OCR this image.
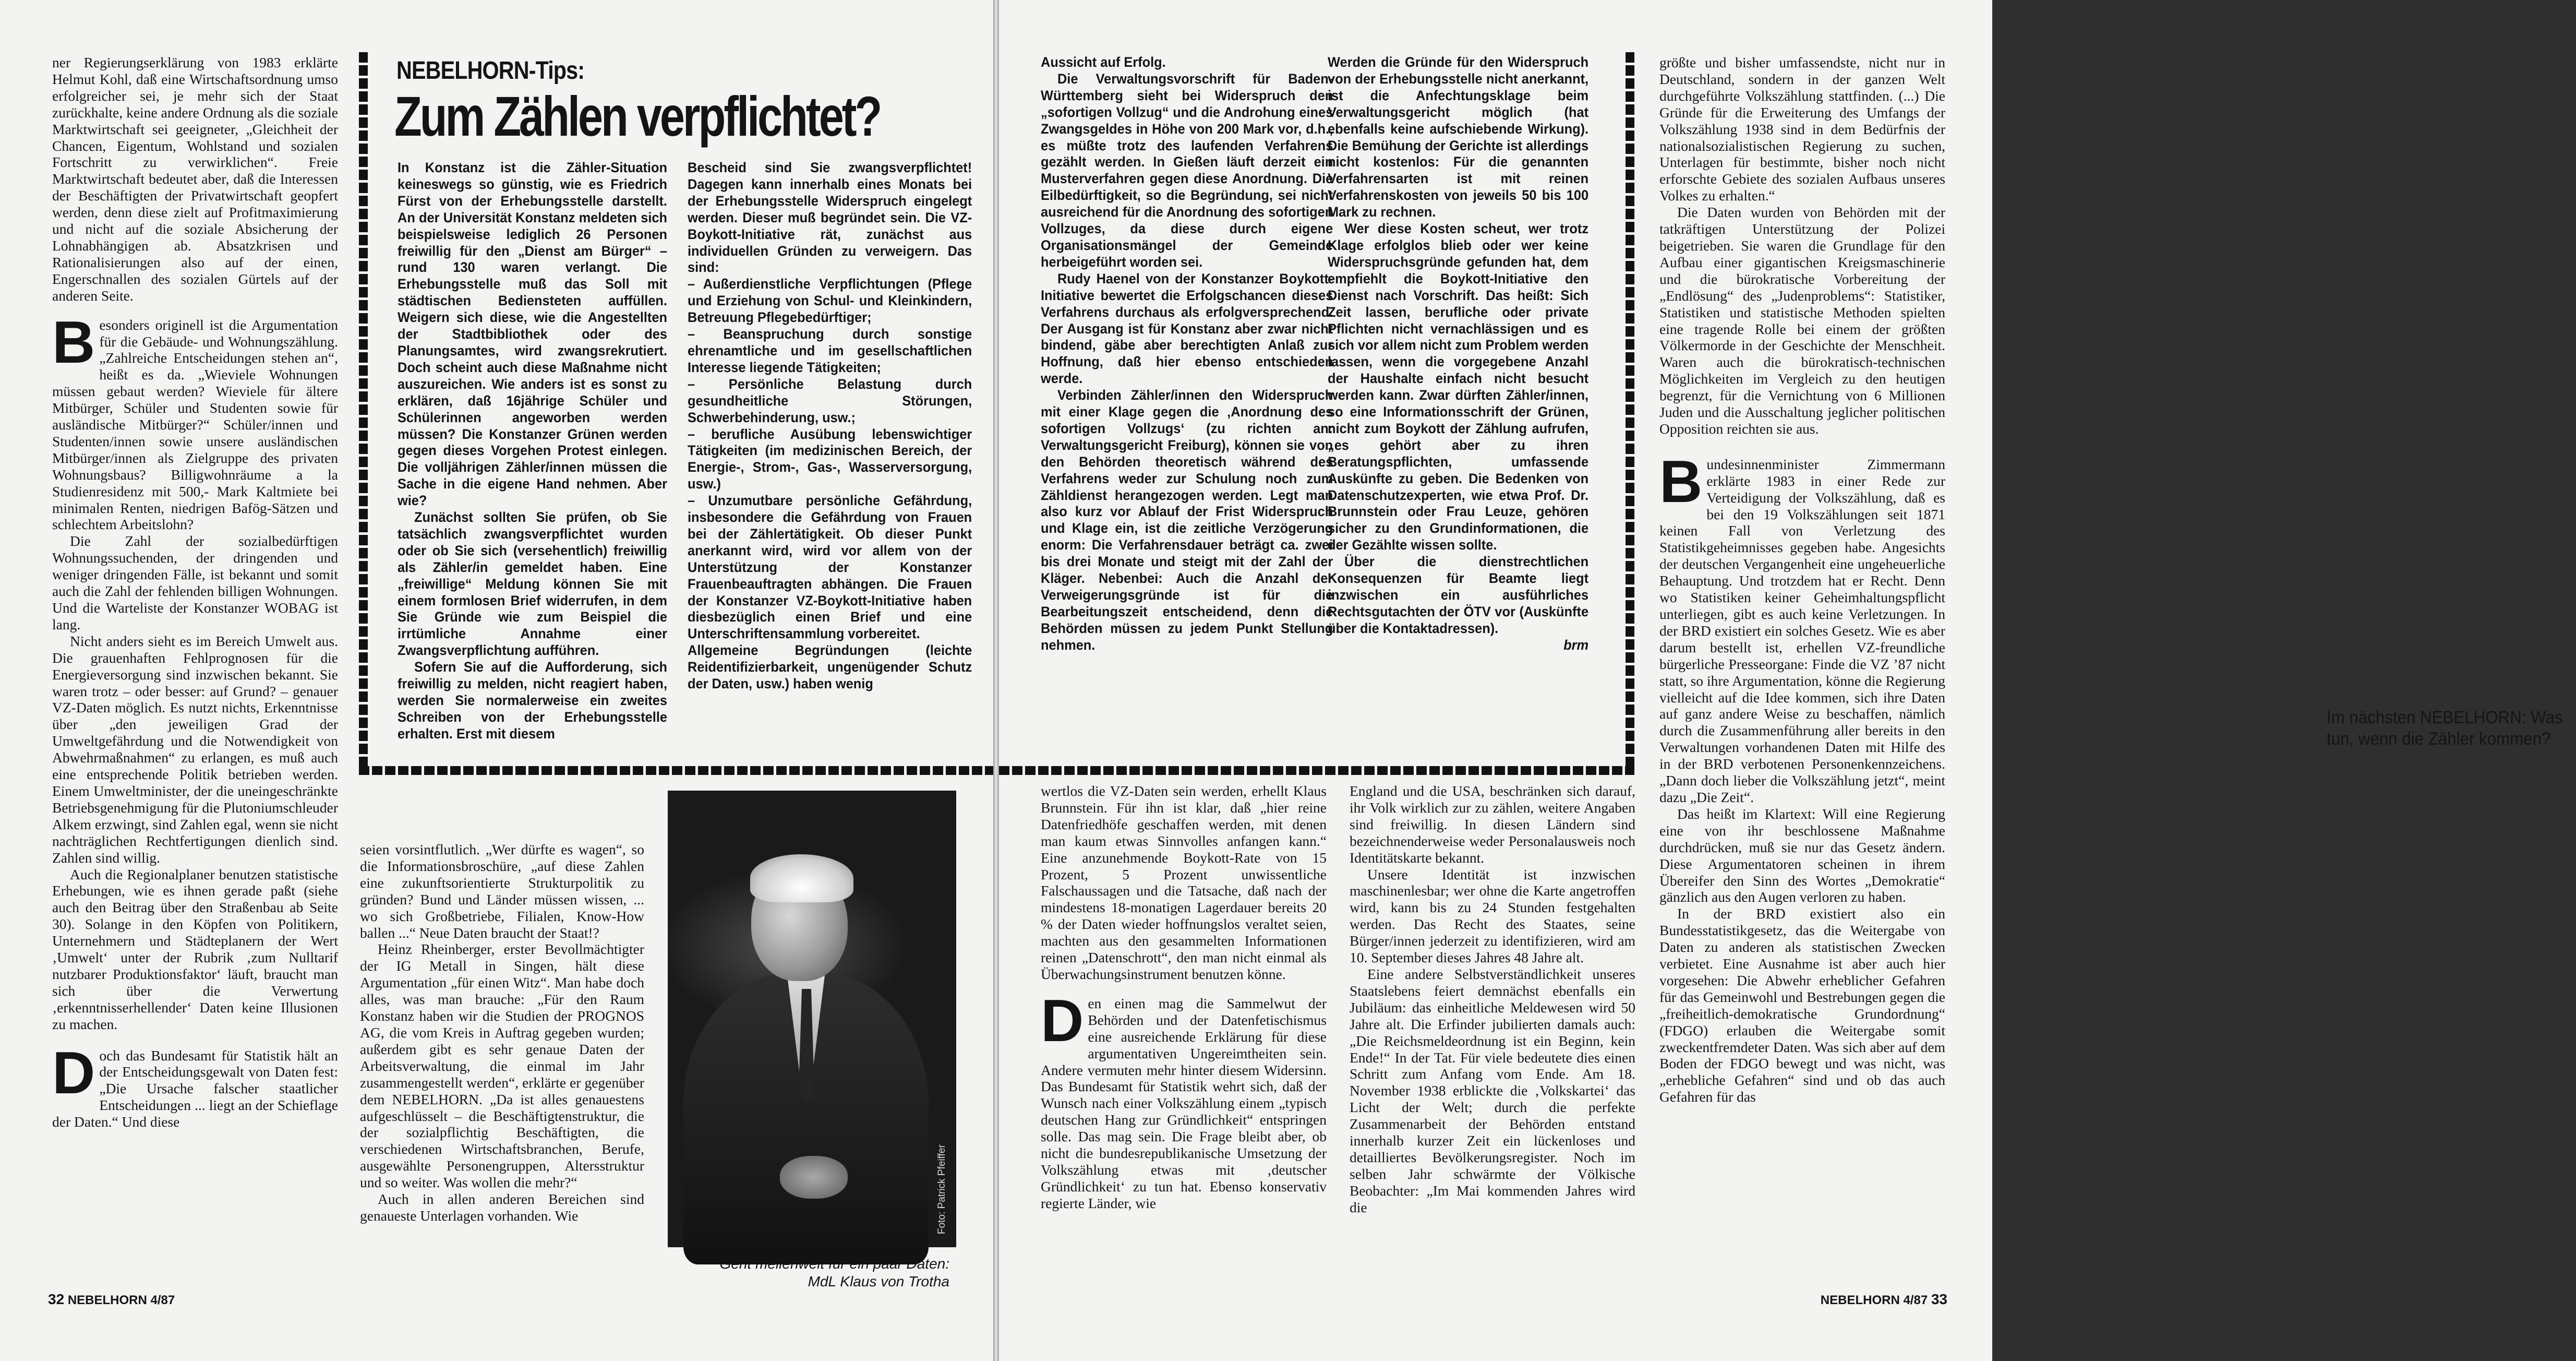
ner Regierungserklärung von 1983 erklärte Helmut Kohl, daß eine Wirtschaftsordnung umso erfolgreicher sei, je mehr sich der Staat zurückhalte, keine andere Ordnung als die soziale Marktwirtschaft sei geeigneter, „Gleichheit der Chancen, Eigentum, Wohlstand und sozialen Fortschritt zu verwirklichen“. Freie Marktwirtschaft bedeutet aber, daß die Interessen der Beschäftigten der Privatwirtschaft geopfert werden, denn diese zielt auf Profitmaximierung und nicht auf die soziale Absicherung der Lohnabhängigen ab. Absatzkrisen und Rationalisierungen also auf der einen, Engerschnallen des sozialen Gürtels auf der anderen Seite.

Besonders originell ist die Argumentation für die Gebäude- und Wohnungszählung. „Zahlreiche Entscheidungen stehen an“, heißt es da. „Wieviele Wohnungen müssen gebaut werden? Wieviele für ältere Mitbürger, Schüler und Studenten sowie für ausländische Mitbürger?“ Schüler/innen und Studenten/innen sowie unsere ausländischen Mitbürger/innen als Zielgruppe des privaten Wohnungsbaus? Billigwohnräume a la Studienresidenz mit 500,- Mark Kaltmiete bei minimalen Renten, niedrigen Bafög-Sätzen und schlechtem Arbeitslohn?

Die Zahl der sozialbedürftigen Wohnungssuchenden, der dringenden und weniger dringenden Fälle, ist bekannt und somit auch die Zahl der fehlenden billigen Wohnungen. Und die Warteliste der Konstanzer WOBAG ist lang.

Nicht anders sieht es im Bereich Umwelt aus. Die grauenhaften Fehlprognosen für die Energieversorgung sind inzwischen bekannt. Sie waren trotz – oder besser: auf Grund? – genauer VZ-Daten möglich. Es nutzt nichts, Erkenntnisse über „den jeweiligen Grad der Umweltgefährdung und die Notwendigkeit von Abwehrmaßnahmen“ zu erlangen, es muß auch eine entsprechende Politik betrieben werden. Einem Umweltminister, der die uneingeschränkte Betriebsgenehmigung für die Plutoniumschleuder Alkem erzwingt, sind Zahlen egal, wenn sie nicht nachträglichen Rechtfertigungen dienlich sind. Zahlen sind willig.

Auch die Regionalplaner benutzen statistische Erhebungen, wie es ihnen gerade paßt (siehe auch den Beitrag über den Straßenbau ab Seite 30). Solange in den Köpfen von Politikern, Unternehmern und Städteplanern der Wert ‚Umwelt‘ unter der Rubrik ‚zum Nulltarif nutzbarer Produktionsfaktor‘ läuft, braucht man sich über die Verwertung ‚erkenntnisserhellender‘ Daten keine Illusionen zu machen.

Doch das Bundesamt für Statistik hält an der Entscheidungsgewalt von Daten fest: „Die Ursache falscher staatlicher Entscheidungen ... liegt an der Schieflage der Daten.“ Und diese

NEBELHORN-Tips:
Zum Zählen verpflichtet?

In Konstanz ist die Zähler-Situation keineswegs so günstig, wie es Friedrich Fürst von der Erhebungsstelle darstellt. An der Universität Konstanz meldeten sich beispielsweise lediglich 26 Personen freiwillig für den „Dienst am Bürger“ – rund 130 waren verlangt. Die Erhebungsstelle muß das Soll mit städtischen Bediensteten auffüllen. Weigern sich diese, wie die Angestellten der Stadtbibliothek oder des Planungsamtes, wird zwangsrekrutiert. Doch scheint auch diese Maßnahme nicht auszureichen. Wie anders ist es sonst zu erklären, daß 16jährige Schüler und Schülerinnen angeworben werden müssen? Die Konstanzer Grünen werden gegen dieses Vorgehen Protest einlegen. Die volljährigen Zähler/innen müssen die Sache in die eigene Hand nehmen. Aber wie?

Zunächst sollten Sie prüfen, ob Sie tatsächlich zwangsverpflichtet wurden oder ob Sie sich (versehentlich) freiwillig als Zähler/in gemeldet haben. Eine „freiwillige“ Meldung können Sie mit einem formlosen Brief widerrufen, in dem Sie Gründe wie zum Beispiel die irrtümliche Annahme einer Zwangsverpflichtung aufführen.

Sofern Sie auf die Aufforderung, sich freiwillig zu melden, nicht reagiert haben, werden Sie normalerweise ein zweites Schreiben von der Erhebungsstelle erhalten. Erst mit diesem

Bescheid sind Sie zwangsverpflichtet! Dagegen kann innerhalb eines Monats bei der Erhebungsstelle Widerspruch eingelegt werden. Dieser muß begründet sein. Die VZ-Boykott-Initiative rät, zunächst aus individuellen Gründen zu verweigern. Das sind:

– Außerdienstliche Verpflichtungen (Pflege und Erziehung von Schul- und Kleinkindern, Betreuung Pflegebedürftiger;

– Beanspruchung durch sonstige ehrenamtliche und im gesellschaftlichen Interesse liegende Tätigkeiten;

– Persönliche Belastung durch gesundheitliche Störungen, Schwerbehinderung, usw.;

– berufliche Ausübung lebenswichtiger Tätigkeiten (im medizinischen Bereich, der Energie-, Strom-, Gas-, Wasserversorgung, usw.)

– Unzumutbare persönliche Gefährdung, insbesondere die Gefährdung von Frauen bei der Zählertätigkeit. Ob dieser Punkt anerkannt wird, wird vor allem von der Unterstützung der Konstanzer Frauenbeauftragten abhängen. Die Frauen der Konstanzer VZ-Boykott-Initiative haben diesbezüglich einen Brief und eine Unterschriftensammlung vorbereitet.

Allgemeine Begründungen (leichte Reidentifizierbarkeit, ungenügender Schutz der Daten, usw.) haben wenig

seien vorsintflutlich. „Wer dürfte es wagen“, so die Informationsbroschüre, „auf diese Zahlen eine zukunftsorientierte Strukturpolitik zu gründen? Bund und Länder müssen wissen, ... wo sich Großbetriebe, Filialen, Know-How ballen ...“ Neue Daten braucht der Staat!?

Heinz Rheinberger, erster Bevollmächtigter der IG Metall in Singen, hält diese Argumentation „für einen Witz“. Man habe doch alles, was man brauche: „Für den Raum Konstanz haben wir die Studien der PROGNOS AG, die vom Kreis in Auftrag gegeben wurden; außerdem gibt es sehr genaue Daten der Arbeitsverwaltung, die einmal im Jahr zusammengestellt werden“, erklärte er gegenüber dem NEBELHORN. „Da ist alles genauestens aufgeschlüsselt – die Beschäftigtenstruktur, die der sozialpflichtig Beschäftigten, die verschiedenen Wirtschaftsbranchen, Berufe, ausgewählte Personengruppen, Altersstruktur und so weiter. Was wollen die mehr?“

Auch in allen anderen Bereichen sind genaueste Unterlagen vorhanden. Wie	Foto: Patrick Pfeiffer
Geht meilenweit für ein paar Daten:
MdL Klaus von Trotha
32 NEBELHORN 4/87

Aussicht auf Erfolg.

Die Verwaltungsvorschrift für Baden-Württemberg sieht bei Widerspruch den „sofortigen Vollzug“ und die Androhung eines Zwangsgeldes in Höhe von 200 Mark vor, d.h., es müßte trotz des laufenden Verfahrens gezählt werden. In Gießen läuft derzeit ein Musterverfahren gegen diese Anordnung. Die Eilbedürftigkeit, so die Begründung, sei nicht ausreichend für die Anordnung des sofortigen Vollzuges, da diese durch eigene Organisationsmängel der Gemeinde herbeigeführt worden sei.

Rudy Haenel von der Konstanzer Boykott-Initiative bewertet die Erfolgschancen dieses Verfahrens durchaus als erfolgversprechend. Der Ausgang ist für Konstanz aber zwar nicht bindend, gäbe aber berechtigten Anlaß zur Hoffnung, daß hier ebenso entschieden werde.

Verbinden Zähler/innen den Widerspruch mit einer Klage gegen die ‚Anordnung des sofortigen Vollzugs‘ (zu richten an: Verwaltungsgericht Freiburg), können sie von den Behörden theoretisch während des Verfahrens weder zur Schulung noch zum Zähldienst herangezogen werden. Legt man also kurz vor Ablauf der Frist Widerspruch und Klage ein, ist die zeitliche Verzögerung enorm: Die Verfahrensdauer beträgt ca. zwei bis drei Monate und steigt mit der Zahl der Kläger. Nebenbei: Auch die Anzahl der Verweigerungsgründe ist für die Bearbeitungszeit entscheidend, denn die Behörden müssen zu jedem Punkt Stellung nehmen.

Werden die Gründe für den Widerspruch von der Erhebungsstelle nicht anerkannt, ist die Anfechtungsklage beim Verwaltungsgericht möglich (hat ebenfalls keine aufschiebende Wirkung). Die Bemühung der Gerichte ist allerdings nicht kostenlos: Für die genannten Verfahrensarten ist mit reinen Verfahrenskosten von jeweils 50 bis 100 Mark zu rechnen.

Wer diese Kosten scheut, wer trotz Klage erfolglos blieb oder wer keine Widerspruchsgründe gefunden hat, dem empfiehlt die Boykott-Initiative den Dienst nach Vorschrift. Das heißt: Sich Zeit lassen, berufliche oder private Pflichten nicht vernachlässigen und es sich vor allem nicht zum Problem werden lassen, wenn die vorgegebene Anzahl der Haushalte einfach nicht besucht werden kann. Zwar dürften Zähler/innen, so eine Informationsschrift der Grünen, nicht zum Boykott der Zählung aufrufen, „es gehört aber zu ihren Beratungspflichten, umfassende Auskünfte zu geben. Die Bedenken von Datenschutzexperten, wie etwa Prof. Dr. Brunnstein oder Frau Leuze, gehören sicher zu den Grundinformationen, die der Gezählte wissen sollte.

Über die dienstrechtlichen Konsequenzen für Beamte liegt inzwischen ein ausführliches Rechtsgutachten der ÖTV vor (Auskünfte über die Kontaktadressen).

brm

Im nächsten NEBELHORN: Was tun, wenn die Zähler kommen?

größte und bisher umfassendste, nicht nur in Deutschland, sondern in der ganzen Welt durchgeführte Volkszählung stattfinden. (...) Die Gründe für die Erweiterung des Umfangs der Volkszählung 1938 sind in dem Bedürfnis der nationalsozialistischen Regierung zu suchen, Unterlagen für bestimmte, bisher noch nicht erforschte Gebiete des sozialen Aufbaus unseres Volkes zu erhalten.“

Die Daten wurden von Behörden mit der tatkräftigen Unterstützung der Polizei beigetrieben. Sie waren die Grundlage für den Aufbau einer gigantischen Kreigsmaschinerie und die bürokratische Vorbereitung der „Endlösung“ des „Judenproblems“: Statistiker, Statistiken und statistische Methoden spielten eine tragende Rolle bei einem der größten Völkermorde in der Geschichte der Menschheit. Waren auch die bürokratisch-technischen Möglichkeiten im Vergleich zu den heutigen begrenzt, für die Vernichtung von 6 Millionen Juden und die Ausschaltung jeglicher politischen Opposition reichten sie aus.

Bundesinnenminister Zimmermann erklärte 1983 in einer Rede zur Verteidigung der Volkszählung, daß es bei den 19 Volkszählungen seit 1871 keinen Fall von Verletzung des Statistikgeheimnisses gegeben habe. Angesichts der deutschen Vergangenheit eine ungeheuerliche Behauptung. Und trotzdem hat er Recht. Denn wo Statistiken keiner Geheimhaltungspflicht unterliegen, gibt es auch keine Verletzungen. In der BRD existiert ein solches Gesetz. Wie es aber darum bestellt ist, erhellen VZ-freundliche bürgerliche Presseorgane: Finde die VZ ’87 nicht statt, so ihre Argumentation, könne die Regierung vielleicht auf die Idee kommen, sich ihre Daten auf ganz andere Weise zu beschaffen, nämlich durch die Zusammenführung aller bereits in den Verwaltungen vorhandenen Daten mit Hilfe des in der BRD verbotenen Personenkennzeichens. „Dann doch lieber die Volkszählung jetzt“, meint dazu „Die Zeit“.

Das heißt im Klartext: Will eine Regierung eine von ihr beschlossene Maßnahme durchdrücken, muß sie nur das Gesetz ändern. Diese Argumentatoren scheinen in ihrem Übereifer den Sinn des Wortes „Demokratie“ gänzlich aus den Augen verloren zu haben.

In der BRD existiert also ein Bundesstatistikgesetz, das die Weitergabe von Daten zu anderen als statistischen Zwecken verbietet. Eine Ausnahme ist aber auch hier vorgesehen: Die Abwehr erheblicher Gefahren für das Gemeinwohl und Bestrebungen gegen die „freiheitlich-demokratische Grundordnung“ (FDGO) erlauben die Weitergabe somit zweckentfremdeter Daten. Was sich aber auf dem Boden der FDGO bewegt und was nicht, was „erhebliche Gefahren“ sind und ob das auch Gefahren für das

wertlos die VZ-Daten sein werden, erhellt Klaus Brunnstein. Für ihn ist klar, daß „hier reine Datenfriedhöfe geschaffen werden, mit denen man kaum etwas Sinnvolles anfangen kann.“ Eine anzunehmende Boykott-Rate von 15 Prozent, 5 Prozent unwissentliche Falschaussagen und die Tatsache, daß nach der mindestens 18-monatigen Lagerdauer bereits 20 % der Daten wieder hoffnungslos veraltet seien, machten aus den gesammelten Informationen reinen „Datenschrott“, den man nicht einmal als Überwachungsinstrument benutzen könne.

Den einen mag die Sammelwut der Behörden und der Datenfetischismus eine ausreichende Erklärung für diese argumentativen Ungereimtheiten sein. Andere vermuten mehr hinter diesem Widersinn. Das Bundesamt für Statistik wehrt sich, daß der Wunsch nach einer Volkszählung einem „typisch deutschen Hang zur Gründlichkeit“ entspringen solle. Das mag sein. Die Frage bleibt aber, ob nicht die bundesrepublikanische Umsetzung der Volkszählung etwas mit ‚deutscher Gründlichkeit‘ zu tun hat. Ebenso konservativ regierte Länder, wie

England und die USA, beschränken sich darauf, ihr Volk wirklich zur zu zählen, weitere Angaben sind freiwillig. In diesen Ländern sind bezeichnenderweise weder Personalausweis noch Identitätskarte bekannt.

Unsere Identität ist inzwischen maschinenlesbar; wer ohne die Karte angetroffen wird, kann bis zu 24 Stunden festgehalten werden. Das Recht des Staates, seine Bürger/innen jederzeit zu identifizieren, wird am 10. September dieses Jahres 48 Jahre alt.

Eine andere Selbstverständlichkeit unseres Staatslebens feiert demnächst ebenfalls ein Jubiläum: das einheitliche Meldewesen wird 50 Jahre alt. Die Erfinder jubilierten damals auch: „Die Reichsmeldeordnung ist ein Beginn, kein Ende!“ In der Tat. Für viele bedeutete dies einen Schritt zum Anfang vom Ende. Am 18. November 1938 erblickte die ‚Volkskartei‘ das Licht der Welt; durch die perfekte Zusammenarbeit der Behörden entstand innerhalb kurzer Zeit ein lückenloses und detailliertes Bevölkerungsregister. Noch im selben Jahr schwärmte der Völkische Beobachter: „Im Mai kommenden Jahres wird die

NEBELHORN 4/87 33
